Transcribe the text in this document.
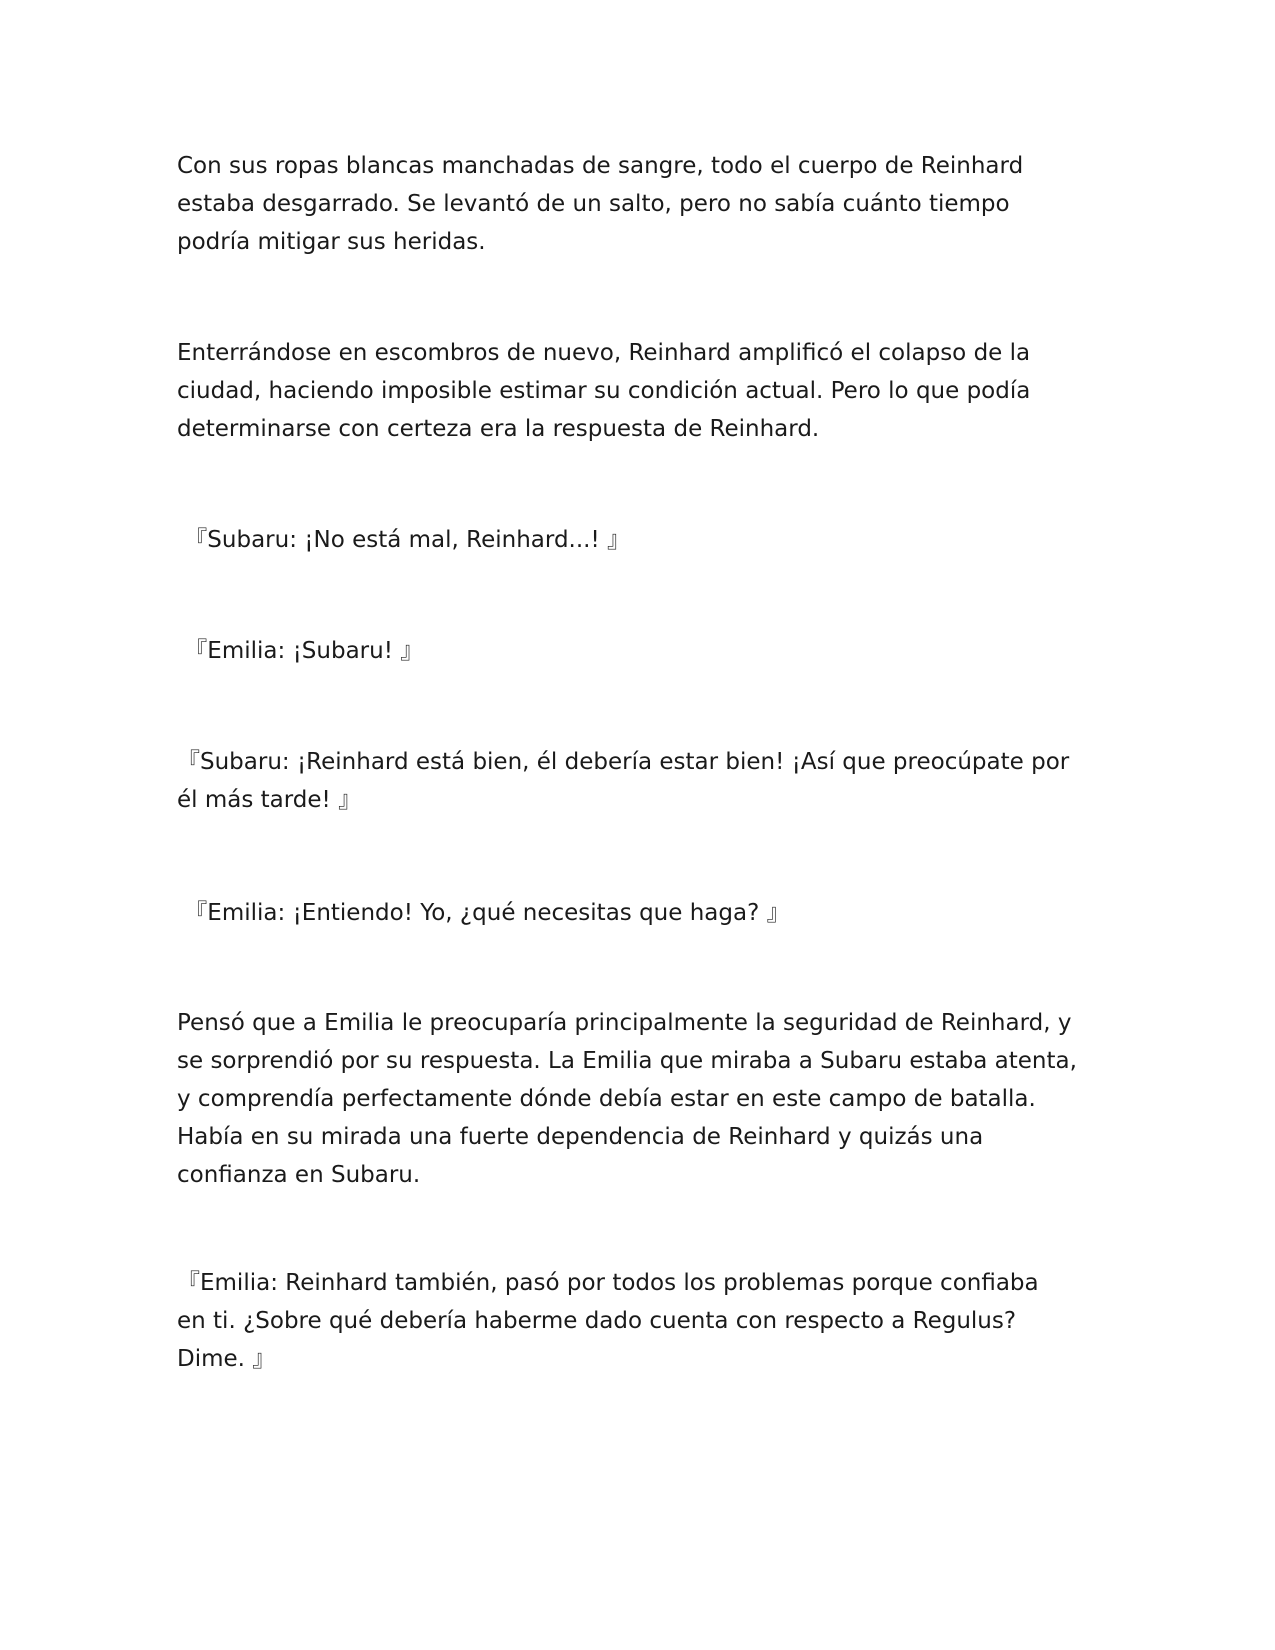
Con sus ropas blancas manchadas de sangre, todo el cuerpo de Reinhard
estaba desgarrado. Se levantó de un salto, pero no sabía cuánto tiempo
podría mitigar sus heridas.

Enterrándose en escombros de nuevo, Reinhard amplificó el colapso de la
ciudad, haciendo imposible estimar su condición actual. Pero lo que podía
determinarse con certeza era la respuesta de Reinhard.

『Subaru: ¡No está mal, Reinhard...! 』

『Emilia: ¡Subaru! 』

『Subaru: ¡Reinhard está bien, él debería estar bien! ¡Así que preocúpate por
él más tarde! 』

『Emilia: ¡Entiendo! Yo, ¿qué necesitas que haga? 』

Pensó que a Emilia le preocuparía principalmente la seguridad de Reinhard, y
se sorprendió por su respuesta. La Emilia que miraba a Subaru estaba atenta,
y comprendía perfectamente dónde debía estar en este campo de batalla.
Había en su mirada una fuerte dependencia de Reinhard y quizás una
confianza en Subaru.

『Emilia: Reinhard también, pasó por todos los problemas porque confiaba
en ti. ¿Sobre qué debería haberme dado cuenta con respecto a Regulus?
Dime. 』
